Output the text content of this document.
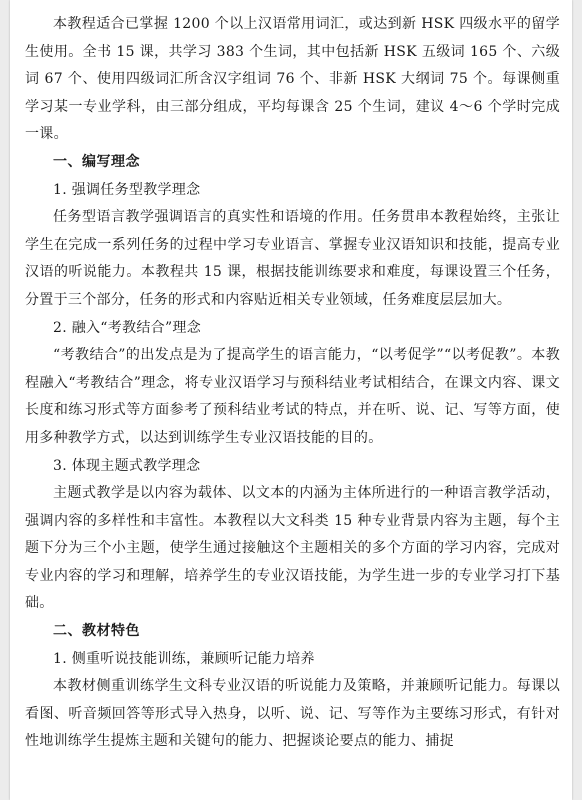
本教程适合已掌握 1200 个以上汉语常用词汇，或达到新 HSK 四级水平的留学生使用。全书 15 课，共学习 383 个生词，其中包括新 HSK 五级词 165 个、六级词 67 个、使用四级词汇所含汉字组词 76 个、非新 HSK 大纲词 75 个。每课侧重学习某一专业学科，由三部分组成，平均每课含 25 个生词，建议 4～6 个学时完成一课。

一、编写理念

1. 强调任务型教学理念

任务型语言教学强调语言的真实性和语境的作用。任务贯串本教程始终，主张让学生在完成一系列任务的过程中学习专业语言、掌握专业汉语知识和技能，提高专业汉语的听说能力。本教程共 15 课，根据技能训练要求和难度，每课设置三个任务，分置于三个部分，任务的形式和内容贴近相关专业领域，任务难度层层加大。

2. 融入“考教结合”理念

“考教结合”的出发点是为了提高学生的语言能力，“以考促学”“以考促教”。本教程融入“考教结合”理念，将专业汉语学习与预科结业考试相结合，在课文内容、课文长度和练习形式等方面参考了预科结业考试的特点，并在听、说、记、写等方面，使用多种教学方式，以达到训练学生专业汉语技能的目的。

3. 体现主题式教学理念

主题式教学是以内容为载体、以文本的内涵为主体所进行的一种语言教学活动，强调内容的多样性和丰富性。本教程以大文科类 15 种专业背景内容为主题，每个主题下分为三个小主题，使学生通过接触这个主题相关的多个方面的学习内容，完成对专业内容的学习和理解，培养学生的专业汉语技能，为学生进一步的专业学习打下基础。

二、教材特色

1. 侧重听说技能训练，兼顾听记能力培养

本教材侧重训练学生文科专业汉语的听说能力及策略，并兼顾听记能力。每课以看图、听音频回答等形式导入热身，以听、说、记、写等作为主要练习形式，有针对性地训练学生提炼主题和关键句的能力、把握谈论要点的能力、捕捉
